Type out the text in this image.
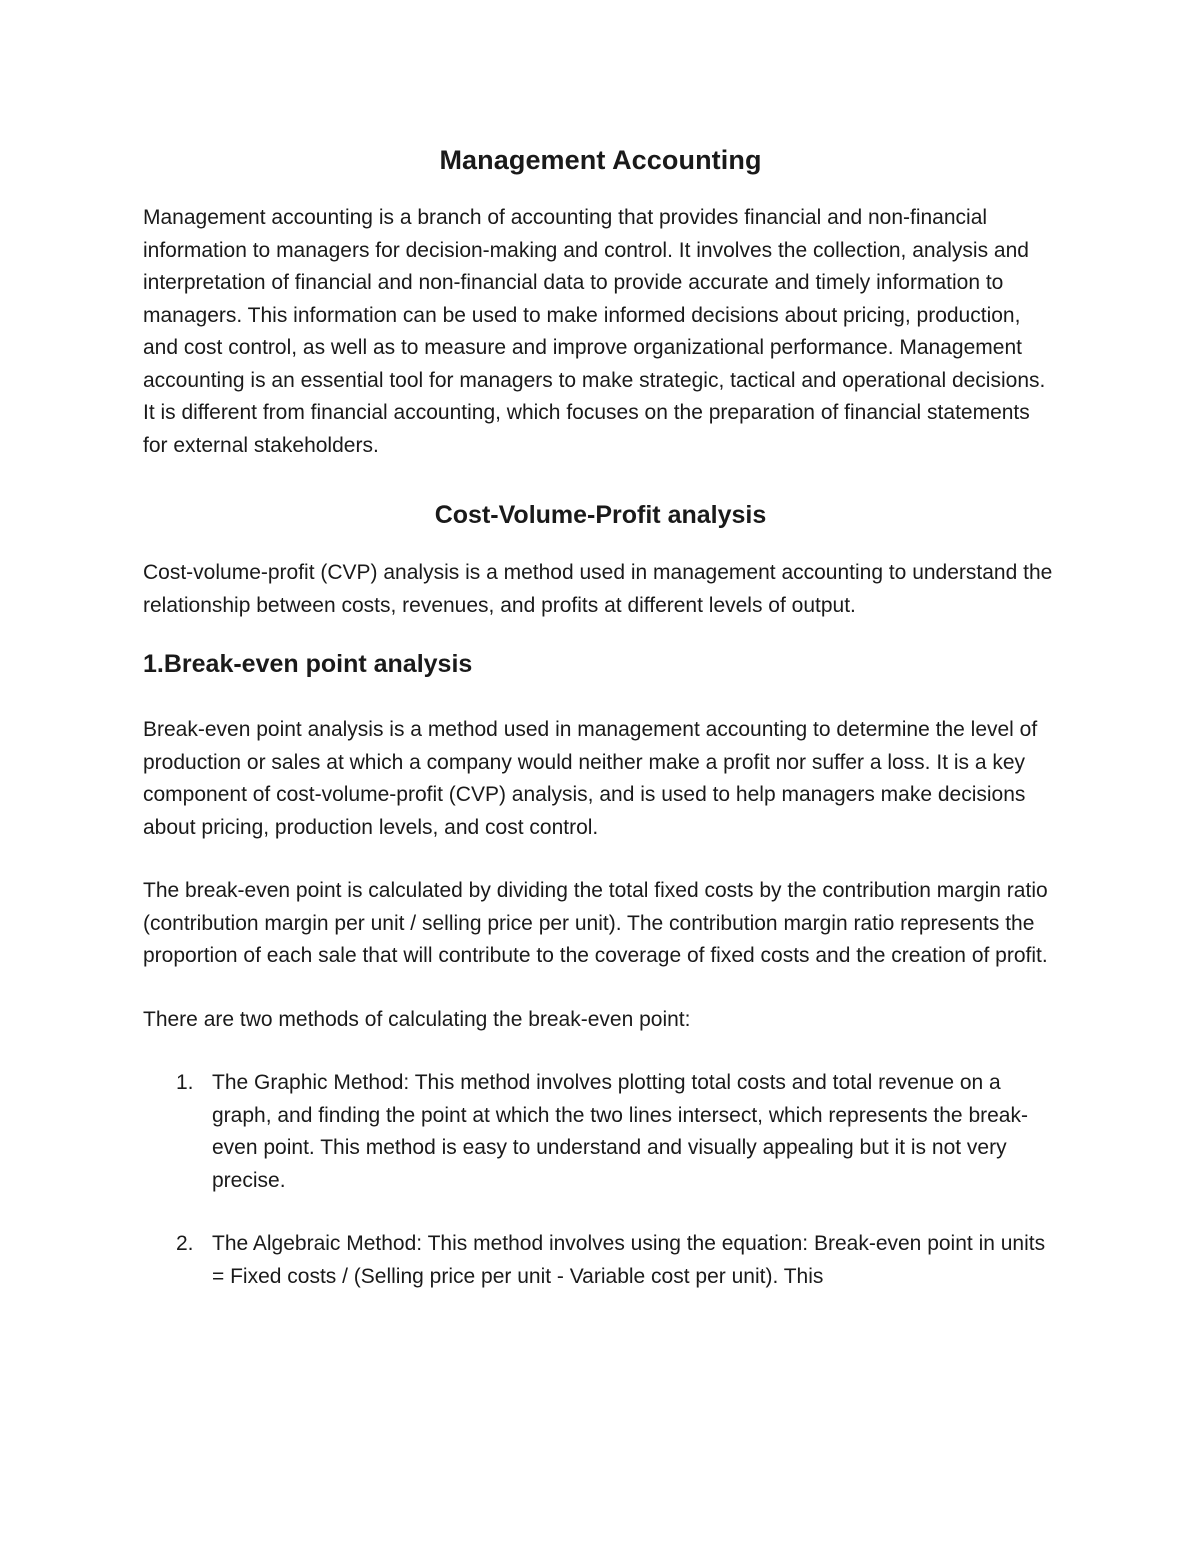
Management Accounting

Management accounting is a branch of accounting that provides financial and non-financial information to managers for decision-making and control. It involves the collection, analysis and interpretation of financial and non-financial data to provide accurate and timely information to managers. This information can be used to make informed decisions about pricing, production, and cost control, as well as to measure and improve organizational performance. Management accounting is an essential tool for managers to make strategic, tactical and operational decisions. It is different from financial accounting, which focuses on the preparation of financial statements for external stakeholders.

Cost-Volume-Profit analysis

Cost-volume-profit (CVP) analysis is a method used in management accounting to understand the relationship between costs, revenues, and profits at different levels of output.

1.Break-even point analysis

Break-even point analysis is a method used in management accounting to determine the level of production or sales at which a company would neither make a profit nor suffer a loss. It is a key component of cost-volume-profit (CVP) analysis, and is used to help managers make decisions about pricing, production levels, and cost control.

The break-even point is calculated by dividing the total fixed costs by the contribution margin ratio (contribution margin per unit / selling price per unit). The contribution margin ratio represents the proportion of each sale that will contribute to the coverage of fixed costs and the creation of profit.

There are two methods of calculating the break-even point:

1. The Graphic Method: This method involves plotting total costs and total revenue on a graph, and finding the point at which the two lines intersect, which represents the break-even point. This method is easy to understand and visually appealing but it is not very precise.
2. The Algebraic Method: This method involves using the equation: Break-even point in units = Fixed costs / (Selling price per unit - Variable cost per unit). This
